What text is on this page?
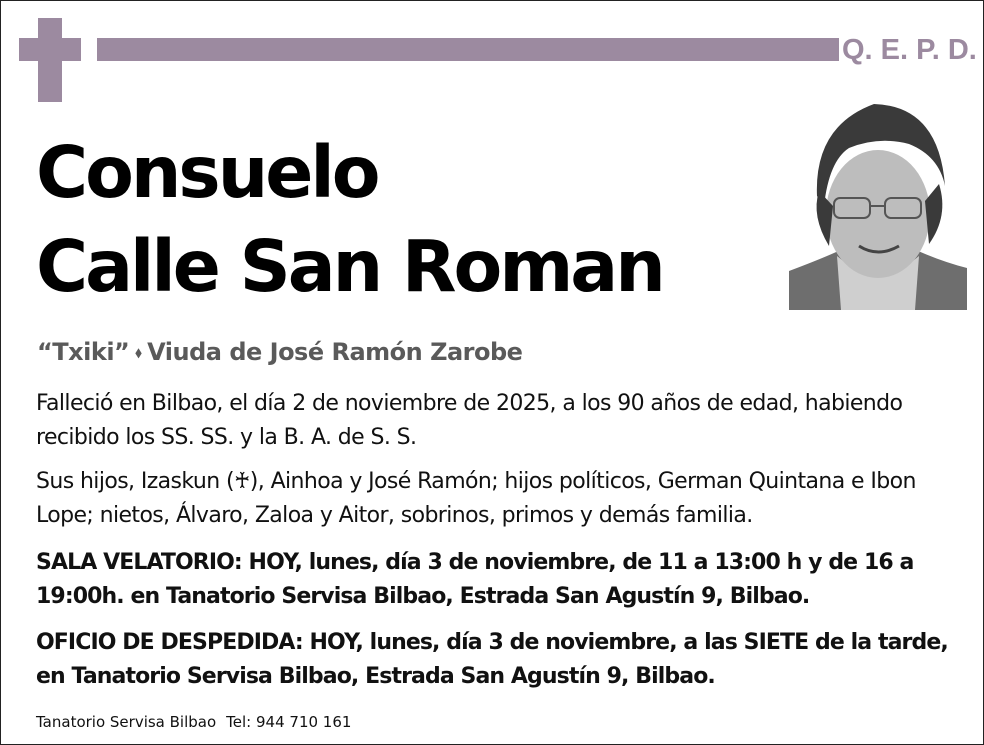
Q. E. P. D.
Consuelo
Calle San Roman
“Txiki” ⬧ Viuda de José Ramón Zarobe
Falleció en Bilbao, el día 2 de noviembre de 2025, a los 90 años de edad, habiendo recibido los SS. SS. y la B. A. de S. S.
Sus hijos, Izaskun (♰), Ainhoa y José Ramón; hijos políticos, German Quintana e Ibon Lope; nietos, Álvaro, Zaloa y Aitor, sobrinos, primos y demás familia.
SALA VELATORIO: HOY, lunes, día 3 de noviembre, de 11 a 13:00 h y de 16 a 19:00h. en Tanatorio Servisa Bilbao, Estrada San Agustín 9, Bilbao.
OFICIO DE DESPEDIDA: HOY, lunes, día 3 de noviembre, a las SIETE de la tarde, en Tanatorio Servisa Bilbao, Estrada San Agustín 9, Bilbao.
Tanatorio Servisa Bilbao Tel: 944 710 161
